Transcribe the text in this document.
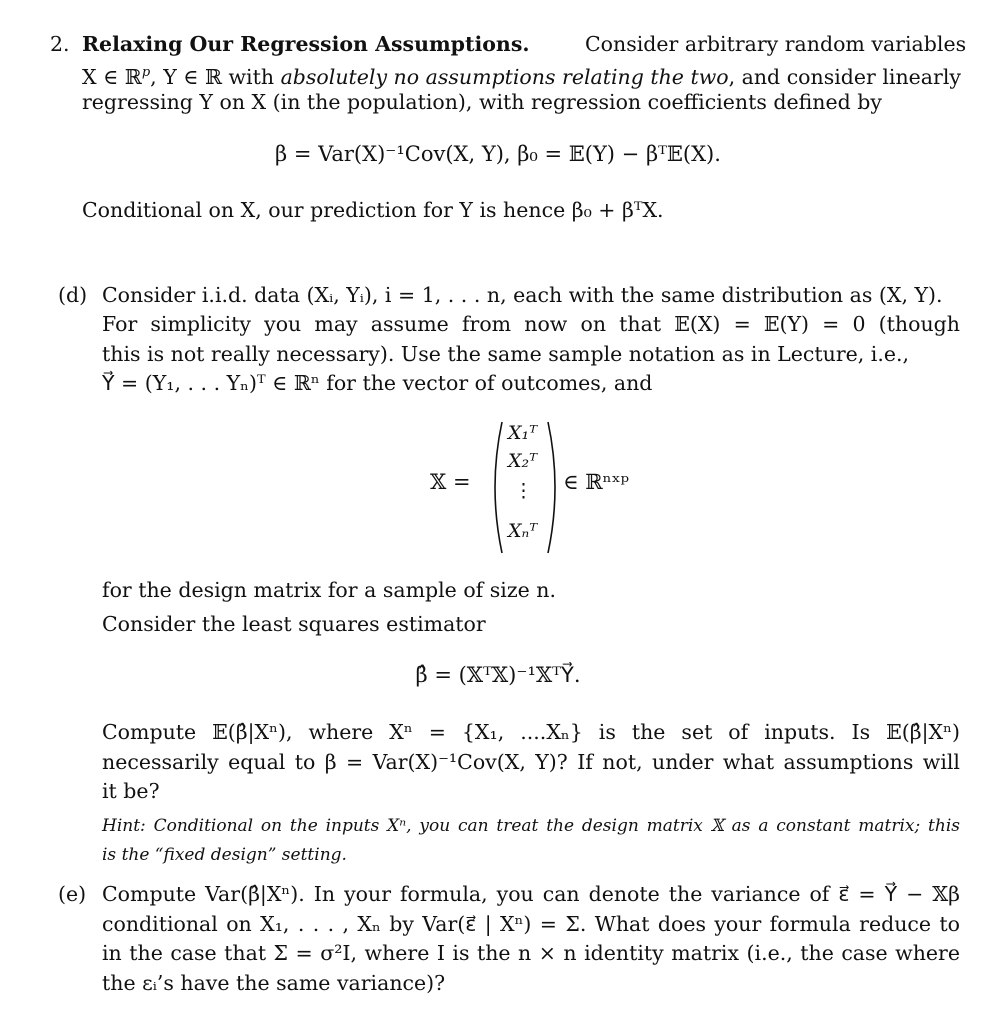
2. Relaxing Our Regression Assumptions.	Consider arbitrary random variables
X ∈ ℝ$^p$, Y ∈ ℝ with absolutely no assumptions relating the two, and consider linearly
regressing Y on X (in the population), with regression coefficients defined by
β = Var(X)⁻¹Cov(X, Y), β₀ = 𝔼(Y) − βᵀ𝔼(X).
Conditional on X, our prediction for Y is hence β₀ + βᵀX.
(d) Consider i.i.d. data (Xᵢ, Yᵢ), i = 1, . . . n, each with the same distribution as (X, Y).
For simplicity you may assume from now on that 𝔼(X) = 𝔼(Y) = 0 (though
this is not really necessary). Use the same sample notation as in Lecture, i.e.,
Y⃗ = (Y₁, . . . Yₙ)ᵀ ∈ ℝⁿ for the vector of outcomes, and
𝕏 =
X₁ᵀ
X₂ᵀ
⋮
Xₙᵀ
∈ ℝⁿˣᵖ
for the design matrix for a sample of size n.
Consider the least squares estimator
β̂ = (𝕏ᵀ𝕏)⁻¹𝕏ᵀY⃗.
Compute 𝔼(β̂|Xⁿ), where Xⁿ = {X₁, ....Xₙ} is the set of inputs. Is 𝔼(β̂|Xⁿ)
necessarily equal to β = Var(X)⁻¹Cov(X, Y)? If not, under what assumptions will
it be?
Hint: Conditional on the inputs Xⁿ, you can treat the design matrix 𝕏 as a constant matrix; this
is the “fixed design” setting.
(e) Compute Var(β̂|Xⁿ). In your formula, you can denote the variance of ε⃗ = Y⃗ − 𝕏β
conditional on X₁, . . . , Xₙ by Var(ε⃗ | Xⁿ) = Σ. What does your formula reduce to
in the case that Σ = σ²I, where I is the n × n identity matrix (i.e., the case where
the εᵢ’s have the same variance)?
